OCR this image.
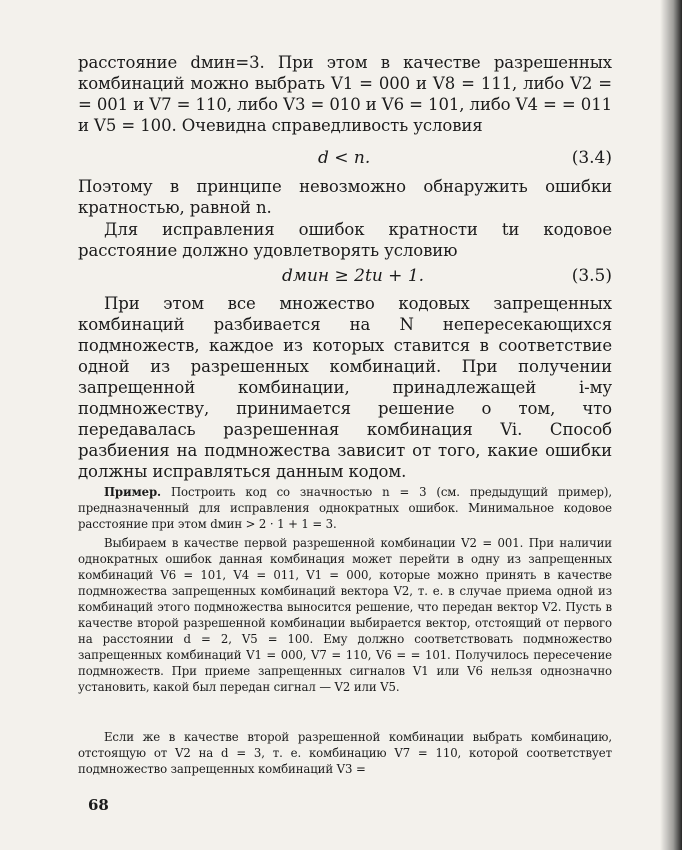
расстояние dмин=3. При этом в качестве разрешенных комбинаций можно выбрать V1 = 000 и V8 = 111, либо V2 = = 001 и V7 = 110, либо V3 = 010 и V6 = 101, либо V4 = = 011 и V5 = 100. Очевидна справедливость условия

d < n.	(3.4)

Поэтому в принципе невозможно обнаружить ошибки кратностью, равной n.

Для исправления ошибок кратности tи кодовое расстояние должно удовлетворять условию

dмин ≥ 2tи + 1.	(3.5)

При этом все множество кодовых запрещенных комбинаций разбивается на N непересекающихся подмножеств, каждое из которых ставится в соответствие одной из разрешенных комбинаций. При получении запрещенной комбинации, принадлежащей i-му подмножеству, принимается решение о том, что передавалась разрешенная комбинация Vi. Способ разбиения на подмножества зависит от того, какие ошибки должны исправляться данным кодом.

Пример. Построить код со значностью n = 3 (см. предыдущий пример), предназначенный для исправления однократных ошибок. Минимальное кодовое расстояние при этом dмин > 2 · 1 + 1 = 3.

Выбираем в качестве первой разрешенной комбинации V2 = 001. При наличии однократных ошибок данная комбинация может перейти в одну из запрещенных комбинаций V6 = 101, V4 = 011, V1 = 000, которые можно принять в качестве подмножества запрещенных комбинаций вектора V2, т. е. в случае приема одной из комбинаций этого подмножества выносится решение, что передан вектор V2. Пусть в качестве второй разрешенной комбинации выбирается вектор, отстоящий от первого на расстоянии d = 2, V5 = 100. Ему должно соответствовать подмножество запрещенных комбинаций V1 = 000, V7 = 110, V6 = = 101. Получилось пересечение подмножеств. При приеме запрещенных сигналов V1 или V6 нельзя однозначно установить, какой был передан сигнал — V2 или V5.

Если же в качестве второй разрешенной комбинации выбрать комбинацию, отстоящую от V2 на d = 3, т. е. комбинацию V7 = 110, которой соответствует подмножество запрещенных комбинаций V3 =

68
